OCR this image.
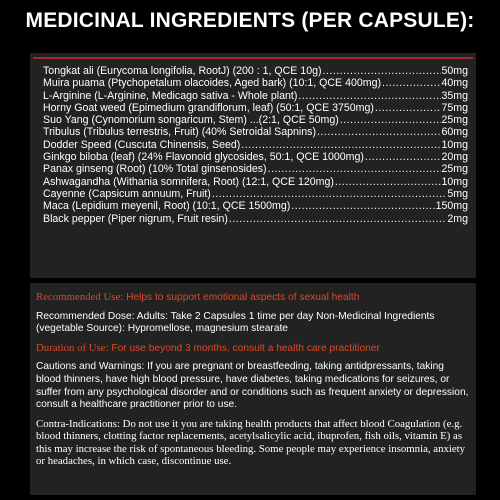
MEDICINAL INGREDIENTS (PER CAPSULE):
Tongkat ali (Eurycoma longifolia, RootJ) (200 : 1, QCE 10g) .....	50mg
Muira puama (Ptychopetalum olacoides, Aged bark) (10:1, QCE 400mg) .....	40mg
L-Arginine (L-Arginine, Medicago sativa - Whole plant) .....	35mg
Horny Goat weed (Epimedium grandiflorum, leaf) (50:1, QCE 3750mg) .....	75mg
Suo Yang (Cynomorium songaricum, Stem) ...(2:1, QCE 50mg) .....	25mg
Tribulus (Tribulus terrestris, Fruit) (40% Setroidal Sapnins) .....	60mg
Dodder Speed (Cuscuta Chinensis, Seed) .....	10mg
Ginkgo biloba (leaf) (24% Flavonoid glycosides, 50:1, QCE 1000mg) .....	20mg
Panax ginseng (Root) (10% Total ginsenosides) .....	25mg
Ashwagandha (Withania somnifera, Root) (12:1, QCE 120mg) .....	10mg
Cayenne (Capsicum annuum, Fruit) .....	5mg
Maca (Lepidium meyenil, Root) (10:1, QCE 1500mg) .....	150mg
Black pepper (Piper nigrum, Fruit resin) .....	2mg
Recommended Use: Helps to support emotional aspects of sexual health
Recommended Dose: Adults: Take 2 Capsules 1 time per day Non-Medicinal Ingredients (vegetable Source): Hypromellose, magnesium stearate
Duration of Use: For use beyond 3 months, consult a health care practitioner
Cautions and Warnings: If you are pregnant or breastfeeding, taking antidpressants, taking blood thinners, have high blood pressure, have diabetes, taking medications for seizures, or suffer from any psychological disorder and or conditions such as frequent anxiety or depression, consult a healthcare practitioner prior to use.
Contra-Indications: Do not use it you are taking health products that affect blood Coagulation (e.g. blood thinners, clotting factor replacements, acetylsalicylic acid, ibuprofen, fish oils, vitamin E) as this may increase the risk of spontaneous bleeding. Some people may experience insomnia, anxiety or headaches, in which case, discontinue use.
